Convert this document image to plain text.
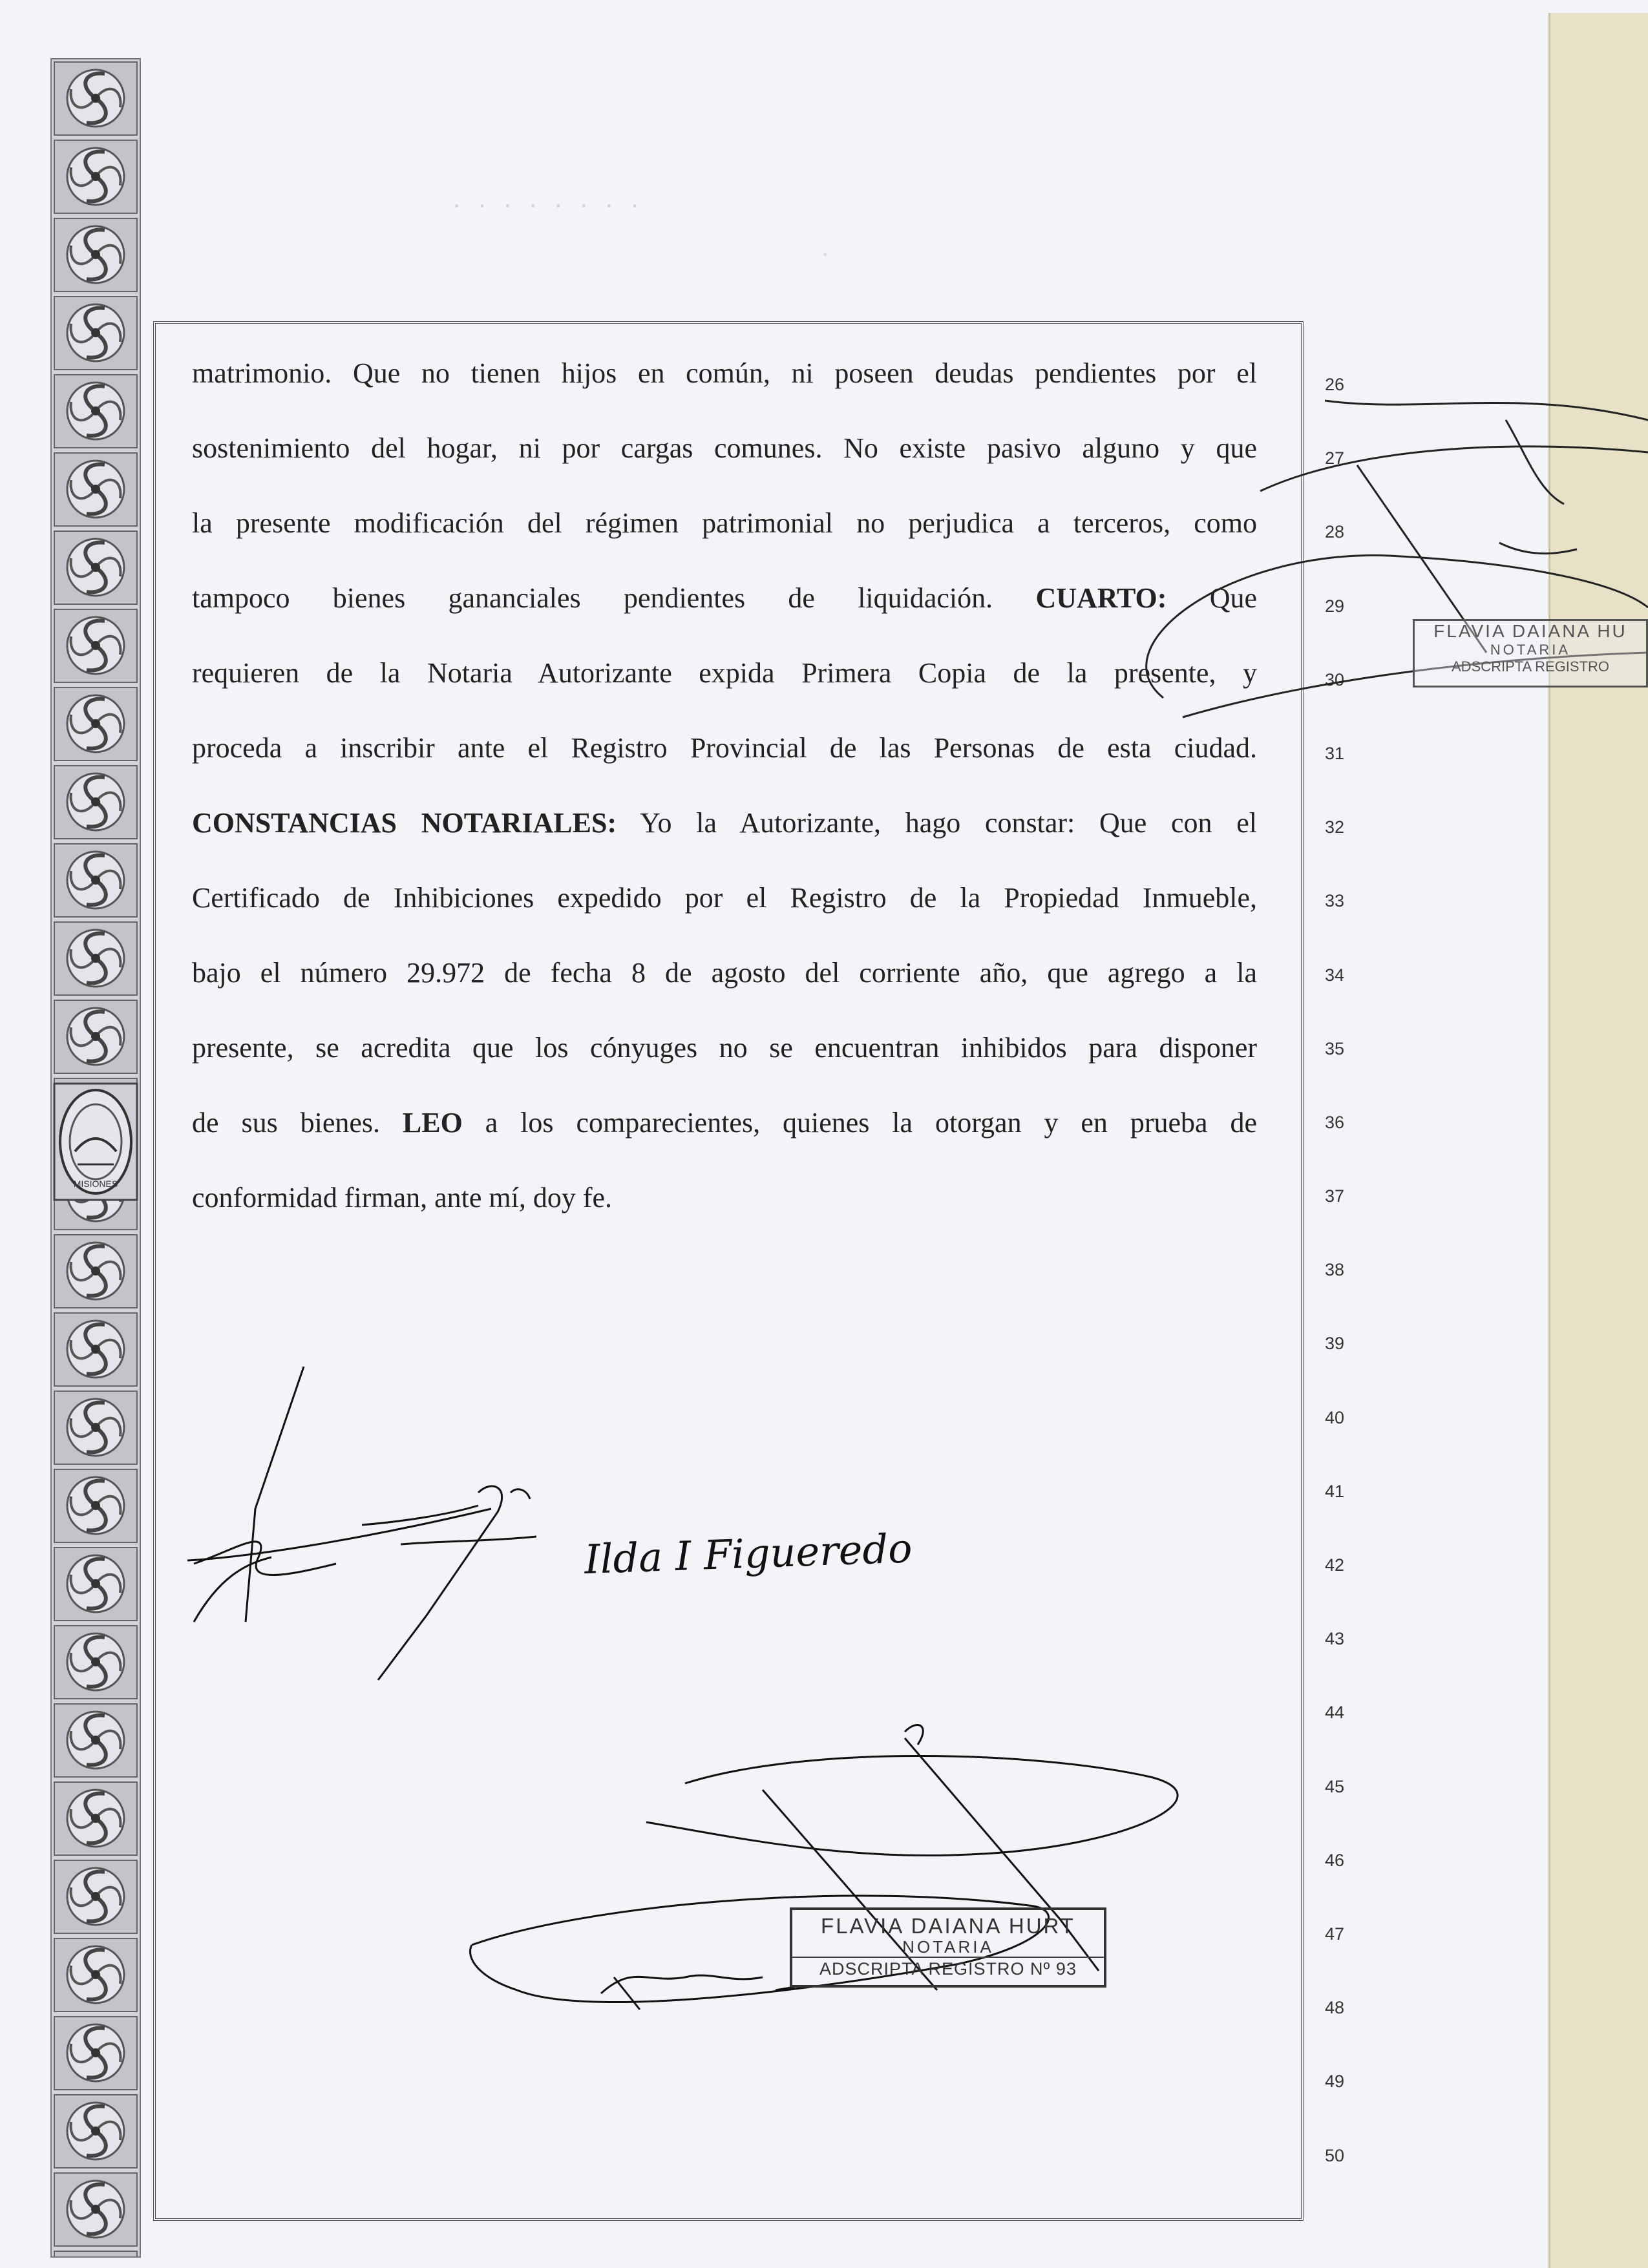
MISIONES
· · · · · · · ·
·
matrimonio. Que no tienen hijos en común, ni poseen deudas pendientes por el
sostenimiento del hogar, ni por cargas comunes. No existe pasivo alguno y que
la presente modificación del régimen patrimonial no perjudica a terceros, como
tampoco bienes gananciales pendientes de liquidación. CUARTO: Que
requieren de la Notaria Autorizante expida Primera Copia de la presente, y
proceda a inscribir ante el Registro Provincial de las Personas de esta ciudad.
CONSTANCIAS NOTARIALES: Yo la Autorizante, hago constar: Que con el
Certificado de Inhibiciones expedido por el Registro de la Propiedad Inmueble,
bajo el número 29.972 de fecha 8 de agosto del corriente año, que agrego a la
presente, se acredita que los cónyuges no se encuentran inhibidos para disponer
de sus bienes. LEO a los comparecientes, quienes la otorgan y en prueba de
conformidad firman, ante mí, doy fe.
26
27
28
29
30
31
32
33
34
35
36
37
38
39
40
41
42
43
44
45
46
47
48
49
50
Ilda I Figueredo
FLAVIA DAIANA HURT
NOTARIA
ADSCRIPTA REGISTRO Nº 93
FLAVIA DAIANA HU
NOTARIA
ADSCRIPTA REGISTRO
